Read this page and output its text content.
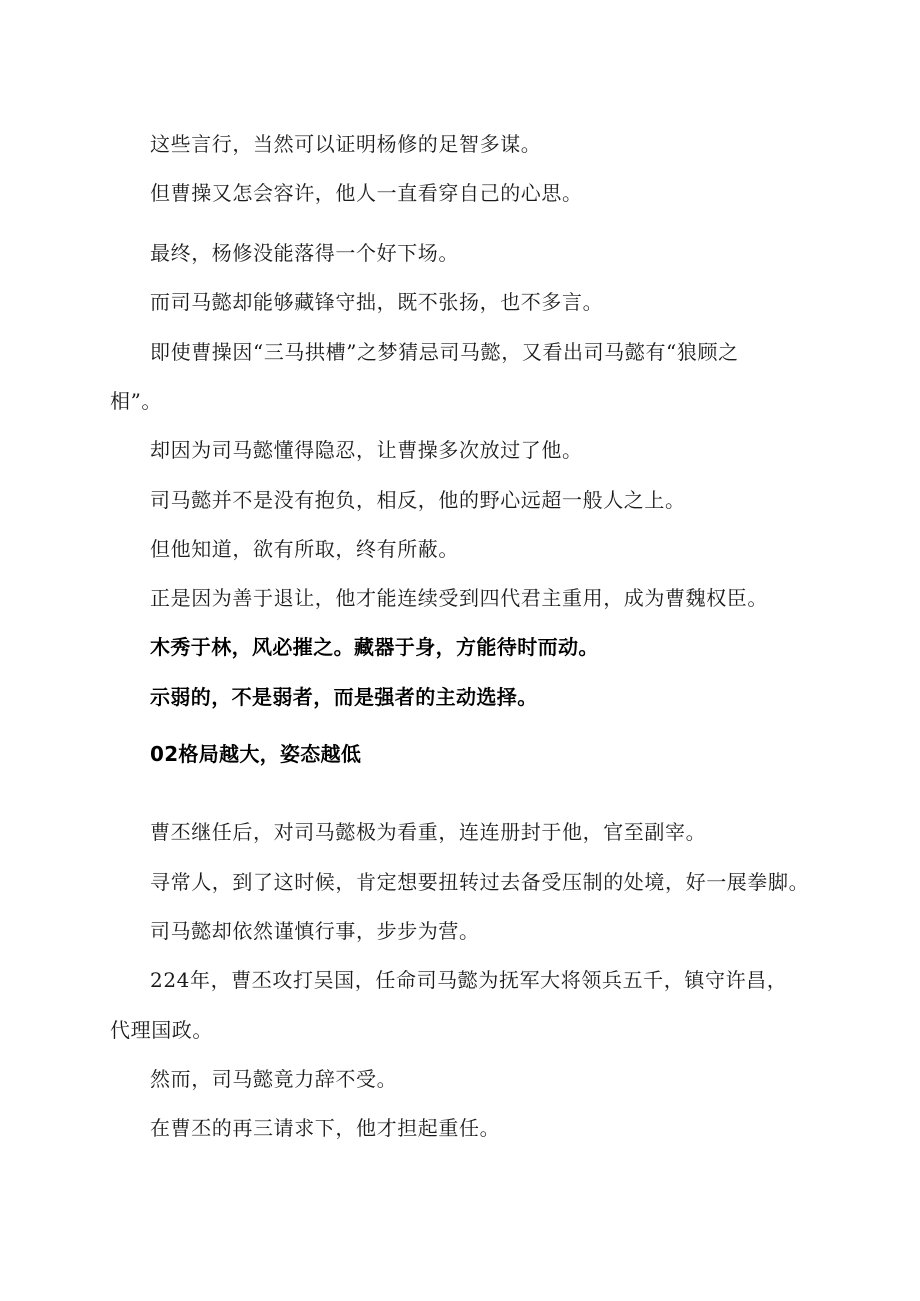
这些言行，当然可以证明杨修的足智多谋。

但曹操又怎会容许，他人一直看穿自己的心思。

最终，杨修没能落得一个好下场。

而司马懿却能够藏锋守拙，既不张扬，也不多言。

即使曹操因“三马拱槽”之梦猜忌司马懿，又看出司马懿有“狼顾之

相”。

却因为司马懿懂得隐忍，让曹操多次放过了他。

司马懿并不是没有抱负，相反，他的野心远超一般人之上。

但他知道，欲有所取，终有所蔽。

正是因为善于退让，他才能连续受到四代君主重用，成为曹魏权臣。

木秀于林，风必摧之。藏器于身，方能待时而动。

示弱的，不是弱者，而是强者的主动选择。

02格局越大，姿态越低

曹丕继任后，对司马懿极为看重，连连册封于他，官至副宰。

寻常人，到了这时候，肯定想要扭转过去备受压制的处境，好一展拳脚。

司马懿却依然谨慎行事，步步为营。

224年，曹丕攻打吴国，任命司马懿为抚军大将领兵五千，镇守许昌，

代理国政。

然而，司马懿竟力辞不受。

在曹丕的再三请求下，他才担起重任。
